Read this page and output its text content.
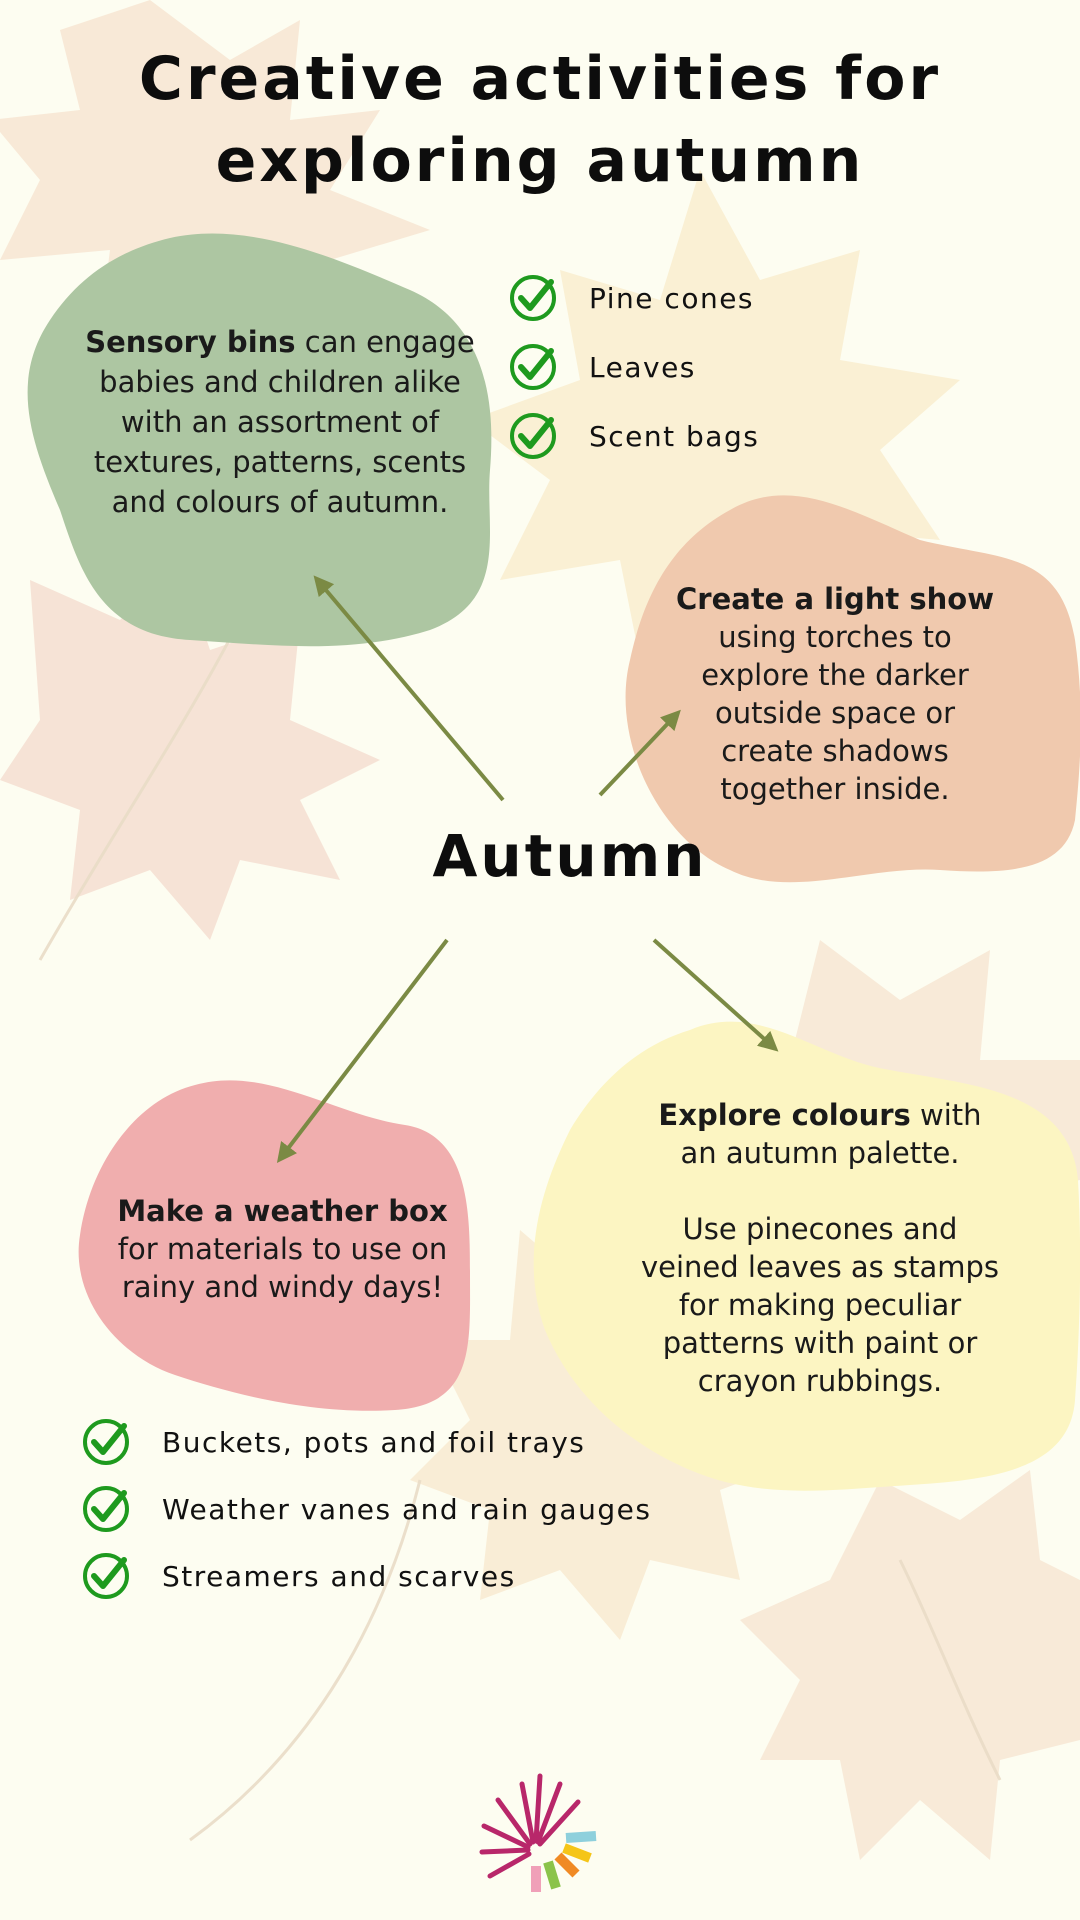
Creative activities for
exploring autumn

Sensory bins can engage babies and children alike with an assortment of textures, patterns, scents and colours of autumn.

Create a light show using torches to explore the darker outside space or create shadows together inside.

Make a weather box for materials to use on rainy and windy days!

Explore colours with an autumn palette.
Use pinecones and veined leaves as stamps for making peculiar patterns with paint or crayon rubbings.

Autumn
Pine cones
Leaves
Scent bags
Buckets, pots and foil trays
Weather vanes and rain gauges
Streamers and scarves
